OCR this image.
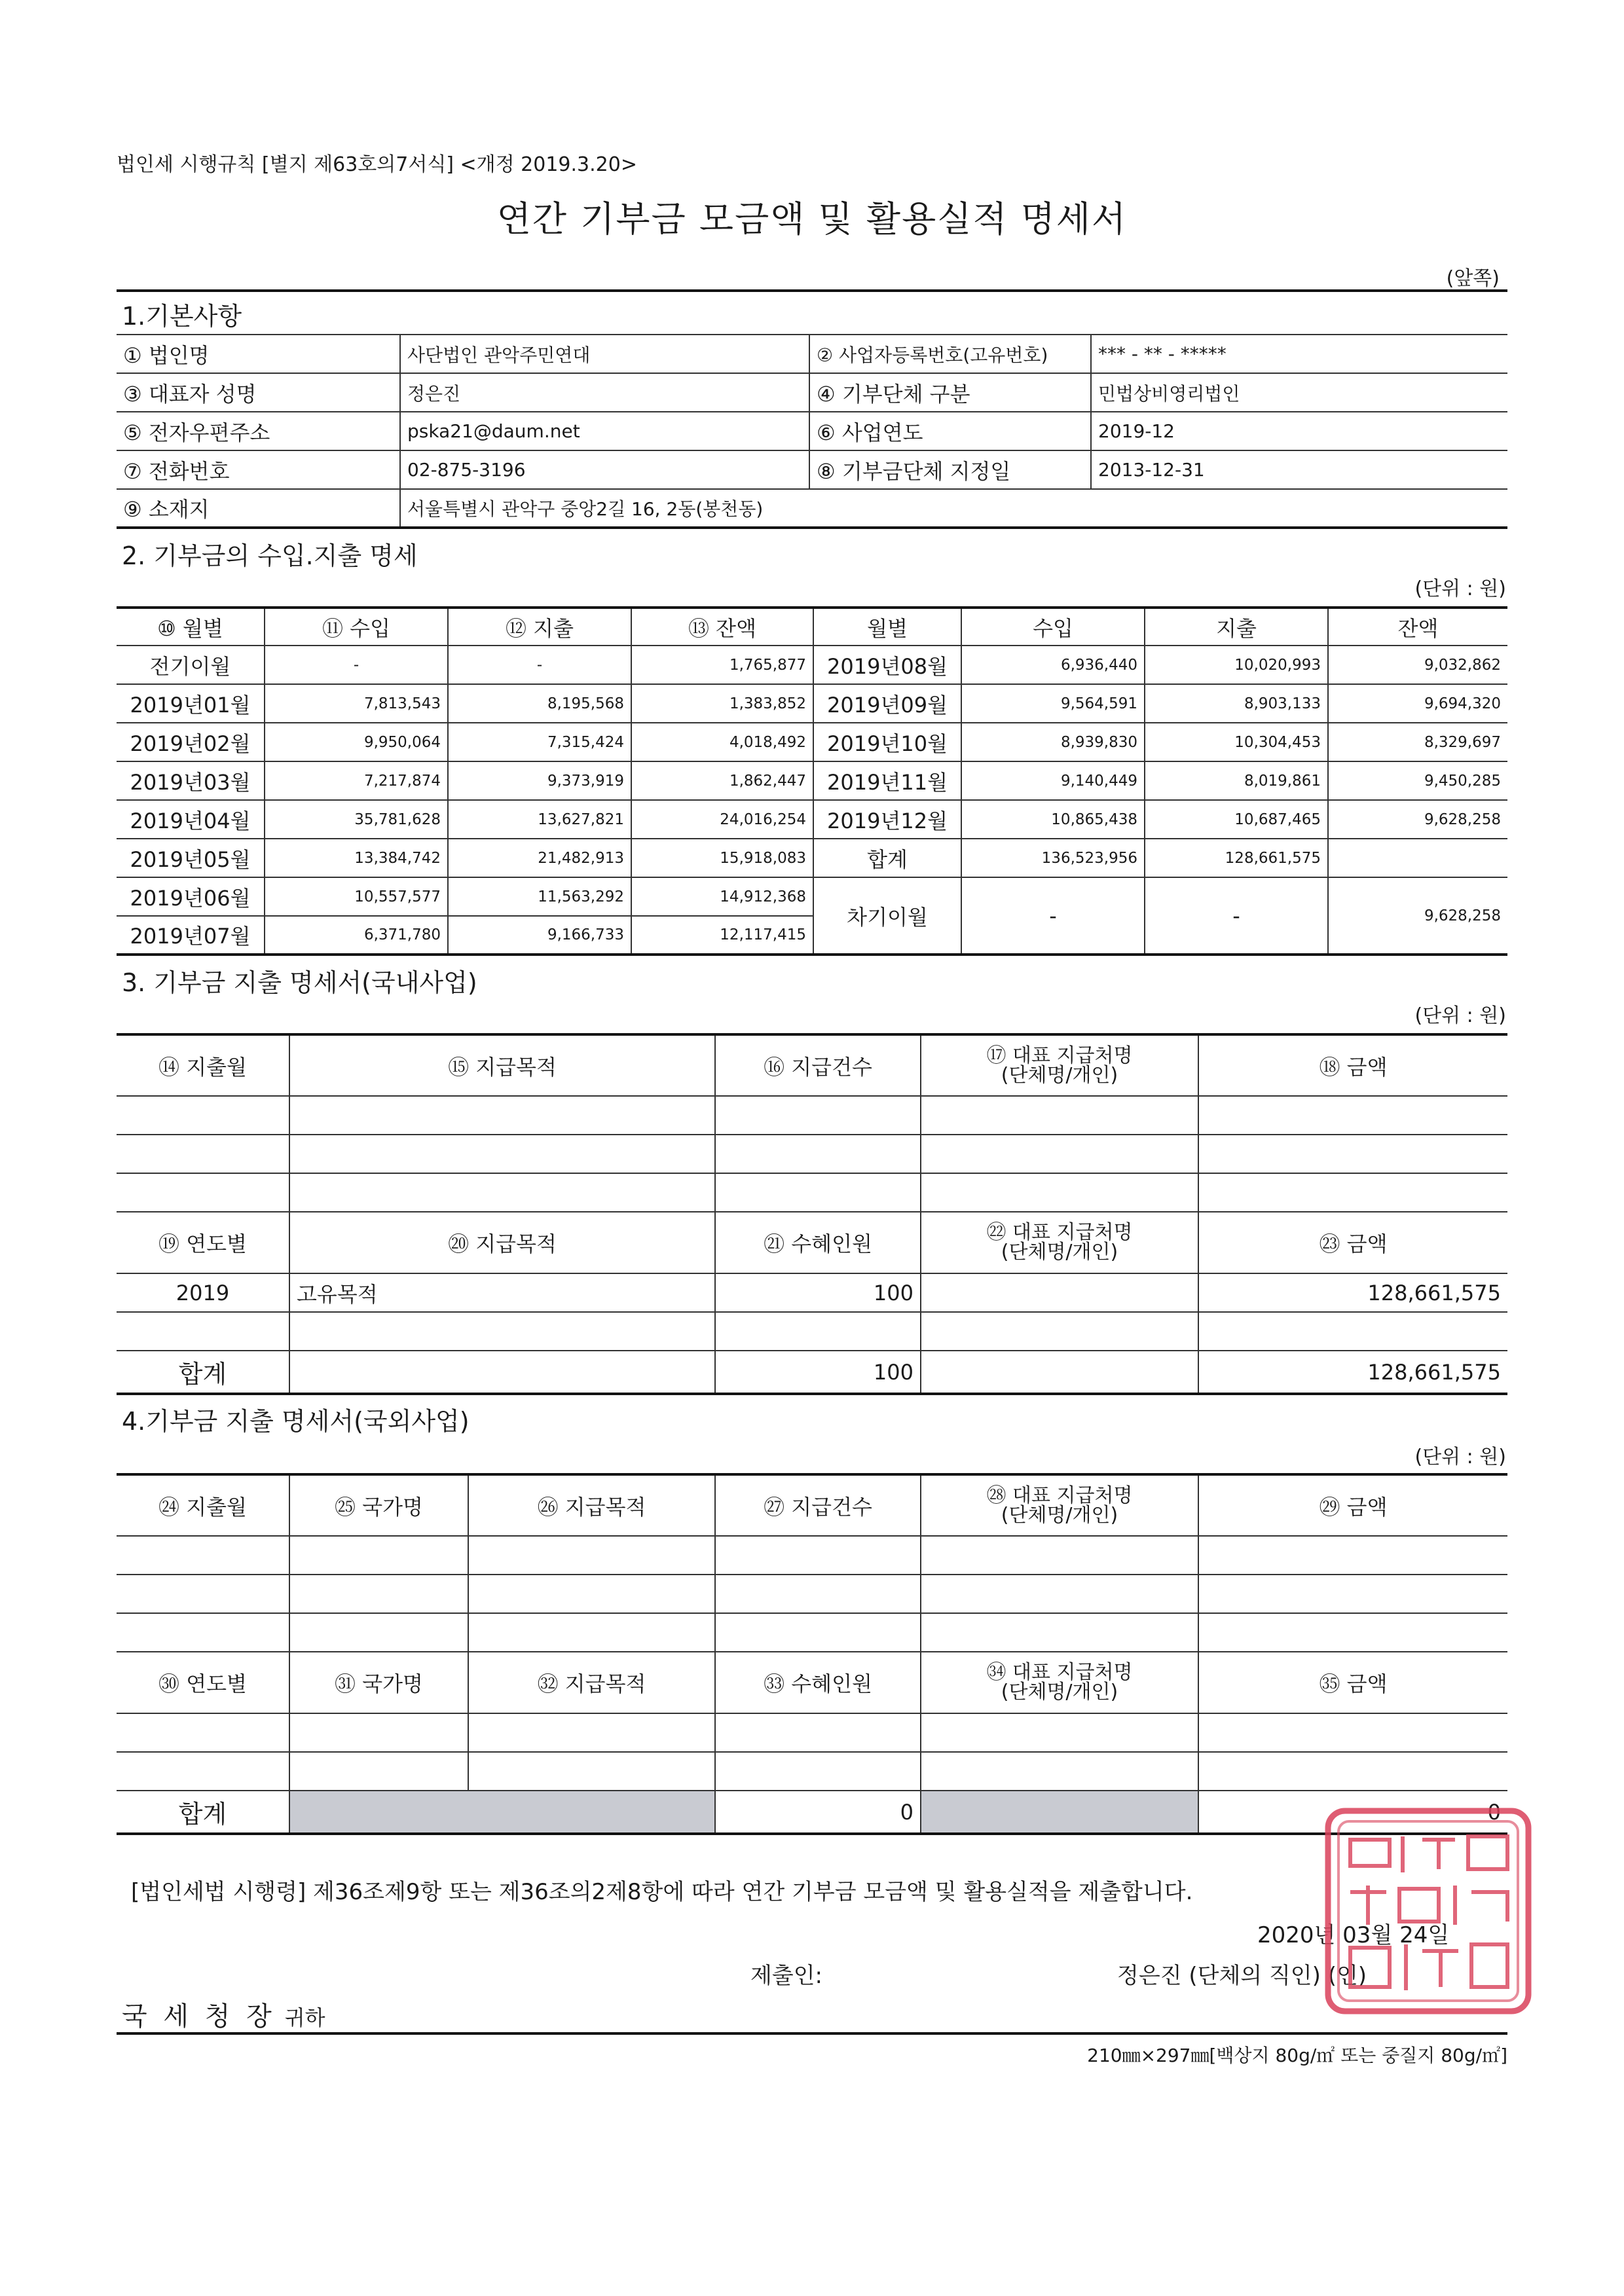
법인세 시행규칙 [별지 제63호의7서식] <개정 2019.3.20>
연간 기부금 모금액 및 활용실적 명세서
(앞쪽)
1.기본사항
① 법인명	사단법인 관악주민연대	② 사업자등록번호(고유번호)	*** - ** - *****
③ 대표자 성명	정은진	④ 기부단체 구분	민법상비영리법인
⑤ 전자우편주소	pska21@daum.net	⑥ 사업연도	2019-12
⑦ 전화번호	02-875-3196	⑧ 기부금단체 지정일	2013-12-31
⑨ 소재지	서울특별시 관악구 중앙2길 16, 2동(봉천동)		
2. 기부금의 수입.지출 명세
(단위 : 원)
⑩ 월별	⑪ 수입	⑫ 지출	⑬ 잔액	월별	수입	지출	잔액
전기이월	-	-	1,765,877	2019년08월	6,936,440	10,020,993	9,032,862
2019년01월	7,813,543	8,195,568	1,383,852	2019년09월	9,564,591	8,903,133	9,694,320
2019년02월	9,950,064	7,315,424	4,018,492	2019년10월	8,939,830	10,304,453	8,329,697
2019년03월	7,217,874	9,373,919	1,862,447	2019년11월	9,140,449	8,019,861	9,450,285
2019년04월	35,781,628	13,627,821	24,016,254	2019년12월	10,865,438	10,687,465	9,628,258
2019년05월	13,384,742	21,482,913	15,918,083	합계	136,523,956	128,661,575	
2019년06월	10,557,577	11,563,292	14,912,368	차기이월	-	-	9,628,258
2019년07월	6,371,780	9,166,733	12,117,415				
3. 기부금 지출 명세서(국내사업)
(단위 : 원)
⑭ 지출월	⑮ 지급목적	⑯ 지급건수	⑰ 대표 지급처명
(단체명/개인)	⑱ 금액

⑲ 연도별	⑳ 지급목적	㉑ 수혜인원	㉒ 대표 지급처명
(단체명/개인)	㉓ 금액
2019	고유목적	100		128,661,575

합계		100		128,661,575
4.기부금 지출 명세서(국외사업)
(단위 : 원)
㉔ 지출월	㉕ 국가명	㉖ 지급목적	㉗ 지급건수	㉘ 대표 지급처명
(단체명/개인)	㉙ 금액

㉚ 연도별	㉛ 국가명	㉜ 지급목적	㉝ 수혜인원	㉞ 대표 지급처명
(단체명/개인)	㉟ 금액

합계			0		0
[법인세법 시행령] 제36조제9항 또는 제36조의2제8항에 따라 연간 기부금 모금액 및 활용실적을 제출합니다.
2020년 03월 24일
제출인:	정은진 (단체의 직인) (인)
국 세 청 장 귀하
210㎜×297㎜[백상지 80g/㎡ 또는 중질지 80g/㎡]
